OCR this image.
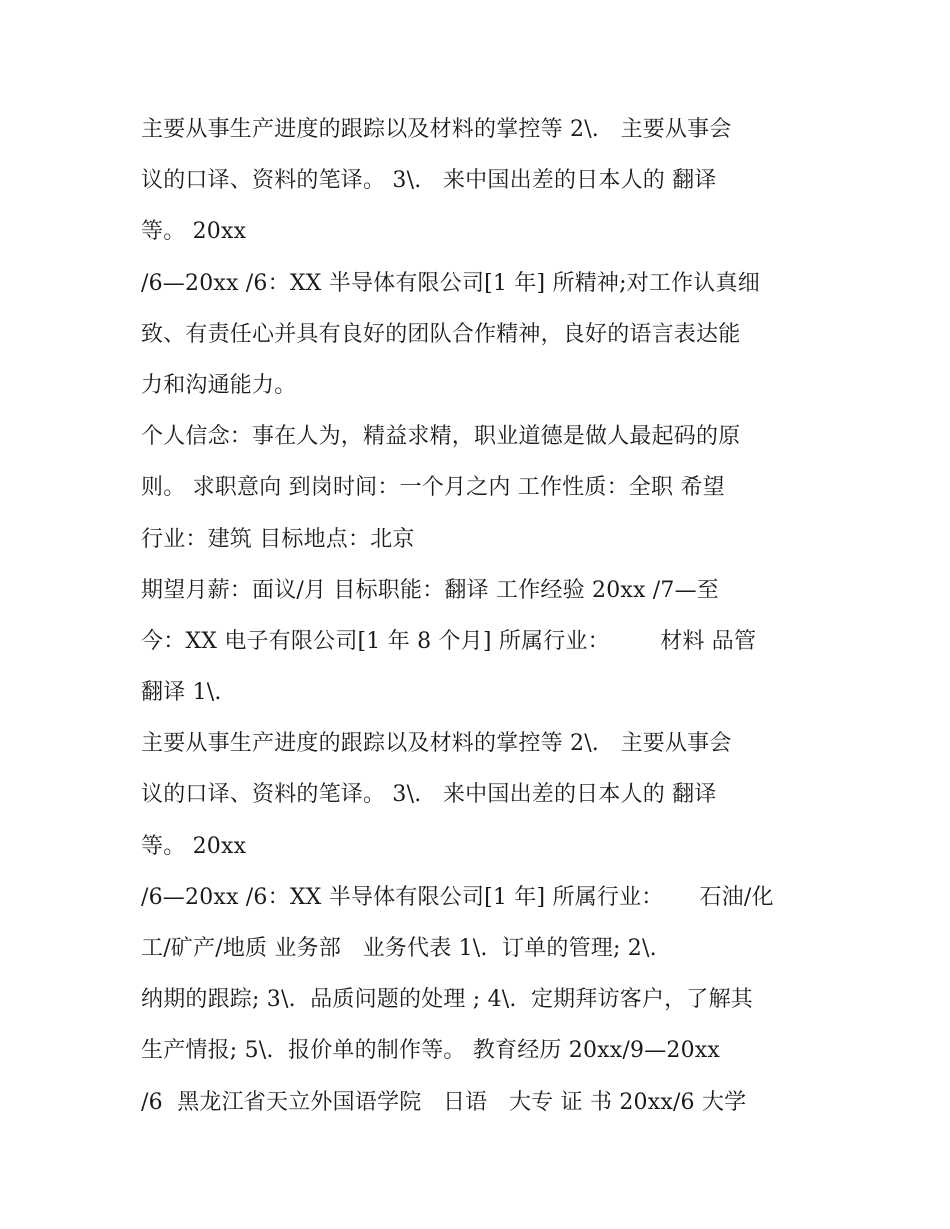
主要从事生产进度的跟踪以及材料的掌控等 2\.   主要从事会
议的口译、资料的笔译。 3\.   来中国出差的日本人的 翻译
等。 20xx
/6—20xx /6：XX 半导体有限公司[1 年] 所精神;对工作认真细
致、有责任心并具有良好的团队合作精神，良好的语言表达能
力和沟通能力。
个人信念：事在人为，精益求精，职业道德是做人最起码的原
则。 求职意向 到岗时间：一个月之内 工作性质：全职 希望
行业：建筑 目标地点：北京
期望月薪：面议/月 目标职能：翻译 工作经验 20xx /7—至
今：XX 电子有限公司[1 年 8 个月] 所属行业：       材料 品管
翻译 1\.
主要从事生产进度的跟踪以及材料的掌控等 2\.   主要从事会
议的口译、资料的笔译。 3\.   来中国出差的日本人的 翻译
等。 20xx
/6—20xx /6：XX 半导体有限公司[1 年] 所属行业：     石油/化
工/矿产/地质 业务部   业务代表 1\.  订单的管理; 2\.
纳期的跟踪; 3\.  品质问题的处理 ; 4\.  定期拜访客户，了解其
生产情报; 5\.  报价单的制作等。 教育经历 20xx/9—20xx
/6  黑龙江省天立外国语学院   日语   大专 证 书 20xx/6 大学
